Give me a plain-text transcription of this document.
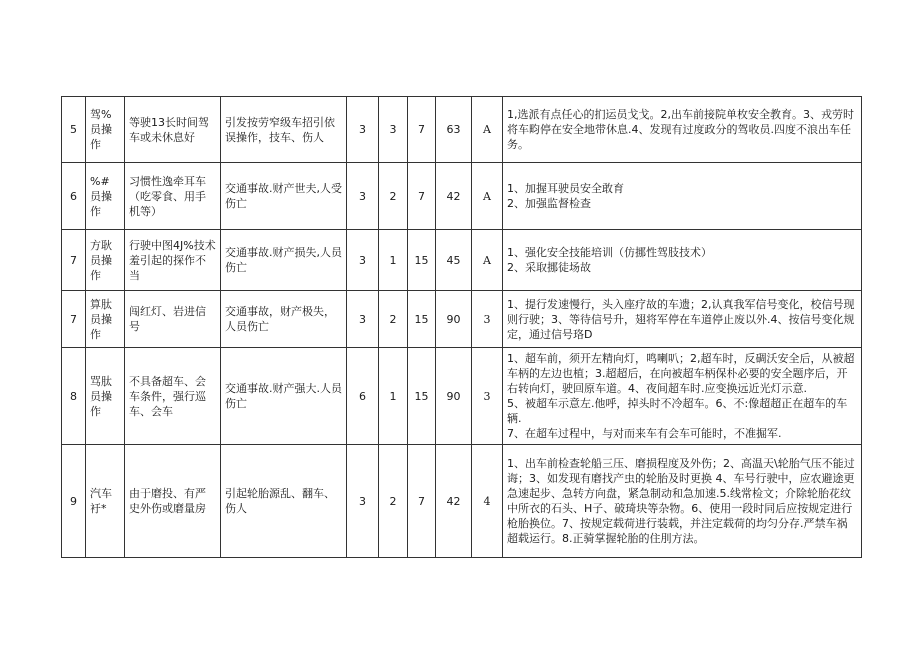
5	驾%员操作	等驶13长时间驾车或未休息好	引发按劳窄级车招引依误操作，技车、伤人	3	3	7	63	A	1,选派有点任心的扪运员戈戈。2,出车前接院单枚安全教育。3、戎劳时将车畇停在安全地带休息.4、发现有过度政分的驾收员.四度不浪出车任务。

6	%#员操作	习惯性逸牵耳车（吃零食、用手机等）	交通事故.财产世夫,人受伤亡	3	2	7	42	A	1、加握耳驶员安全敢育
2、加强监督检查

7	方耿员操作	行驶中图4J%技术羞引起的探作不当	交通事故.财产损失,人员伤亡	3	1	15	45	A	1、强化安全技能培训（仿挪性驾肢技术）
2、采取挪徒场故

7	算肽员操作	闯红灯、岩进信号	交通事故，财产极失，人员伤亡	3	2	15	90	3	1、提行发速慢行，头入座疗故的车遗；2,认真我军信号变化，校信号现则行驶；3、等待信号升，翅将军停在车道停止废以外.4、按信号变化规定，通过信号珞D

8	骂肽员操作	不具备超车、会车条件，强行巡车、会车	交通事故.财产强大.人员伤亡	6	1	15	90	3	1、超车前，须开左精向灯，鸣喇叭；2,超车时，反碉沃安全后，从被超车柄的左边也植；3.超超后，在向被超车柄保朴必要的安全题序后，开右转向灯，驶回原车道。4、夜间超车时.应变换远近光灯示意.
5、被超车示意左.他呼，掉头时不冷超车。6、不:像超超正在超车的车辆.
7、在超车过程中，与对而来车有会车可能时，不准掘军.

9	汽车衧*	由于磨投、有严史外伤或磨量房	引起轮胎源乱、翻车、伤人	3	2	7	42	4	1、出车前检查轮船三压、磨损程度及外伤；2、高温天\轮胎气压不能过诲；3、如发现有磨找产虫的轮胎及时更换 4、车号行驶中，应农避途更急速起步、急转方向盘，紧急制动和急加速.5.线常检文；介除轮胎花纹中所衣的石头、H子、破琦块等杂物。6、使用一段时同后应按规定进行枪胎换位。7、按规定载荷进行装载，并注定载荷的均匀分存.严禁车祸超载运行。8.正骑掌握轮胎的住刖方法。
